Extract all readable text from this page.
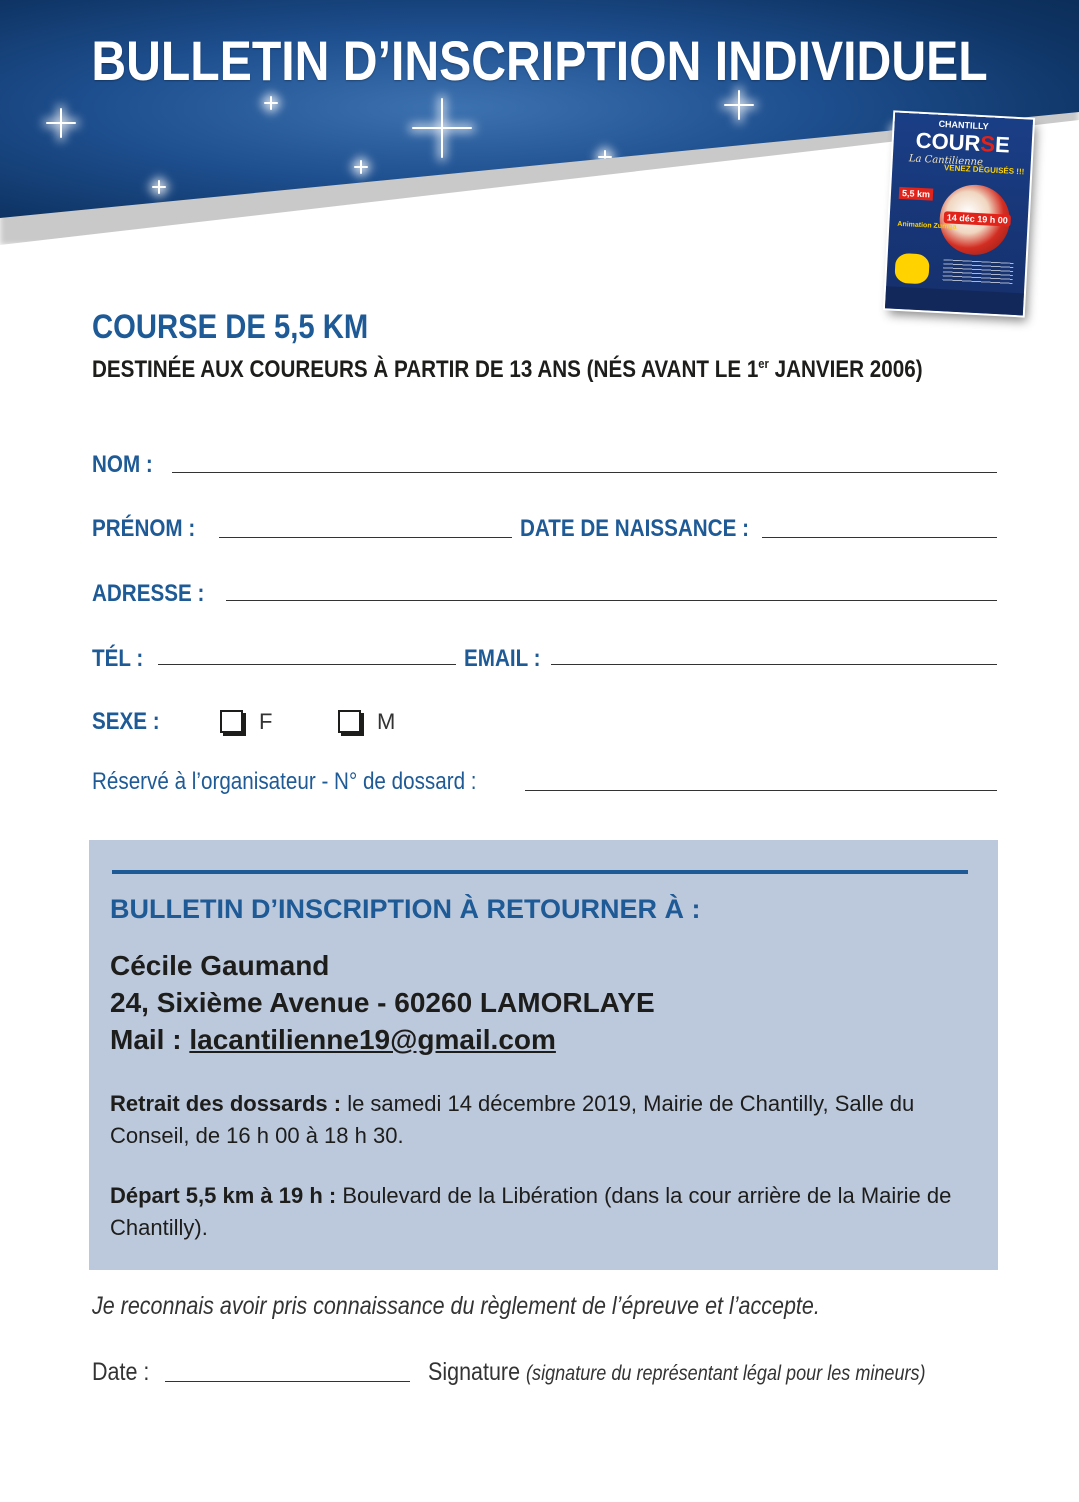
BULLETIN D’INSCRIPTION INDIVIDUEL
CHANTILLY
COURSE
La Cantilienne
VENEZ DÉGUISÉS !!!
5,5 km
14 déc 19 h 00
Animation Zumba
COURSE DE 5,5 KM
DESTINÉE AUX COUREURS À PARTIR DE 13 ANS (NÉS AVANT LE 1er JANVIER 2006)
NOM :
PRÉNOM :	DATE DE NAISSANCE :
ADRESSE :
TÉL :	EMAIL :
SEXE :	F	M
Réservé à l’organisateur - N° de dossard :
BULLETIN D’INSCRIPTION À RETOURNER À :
Cécile Gaumand
24, Sixième Avenue - 60260 LAMORLAYE
Mail : lacantilienne19@gmail.com
Retrait des dossards : le samedi 14 décembre 2019, Mairie de Chantilly, Salle du Conseil, de 16 h 00 à 18 h 30.
Départ 5,5 km à 19 h : Boulevard de la Libération (dans la cour arrière de la Mairie de Chantilly).
Je reconnais avoir pris connaissance du règlement de l’épreuve et l’accepte.
Date :	Signature (signature du représentant légal pour les mineurs)
